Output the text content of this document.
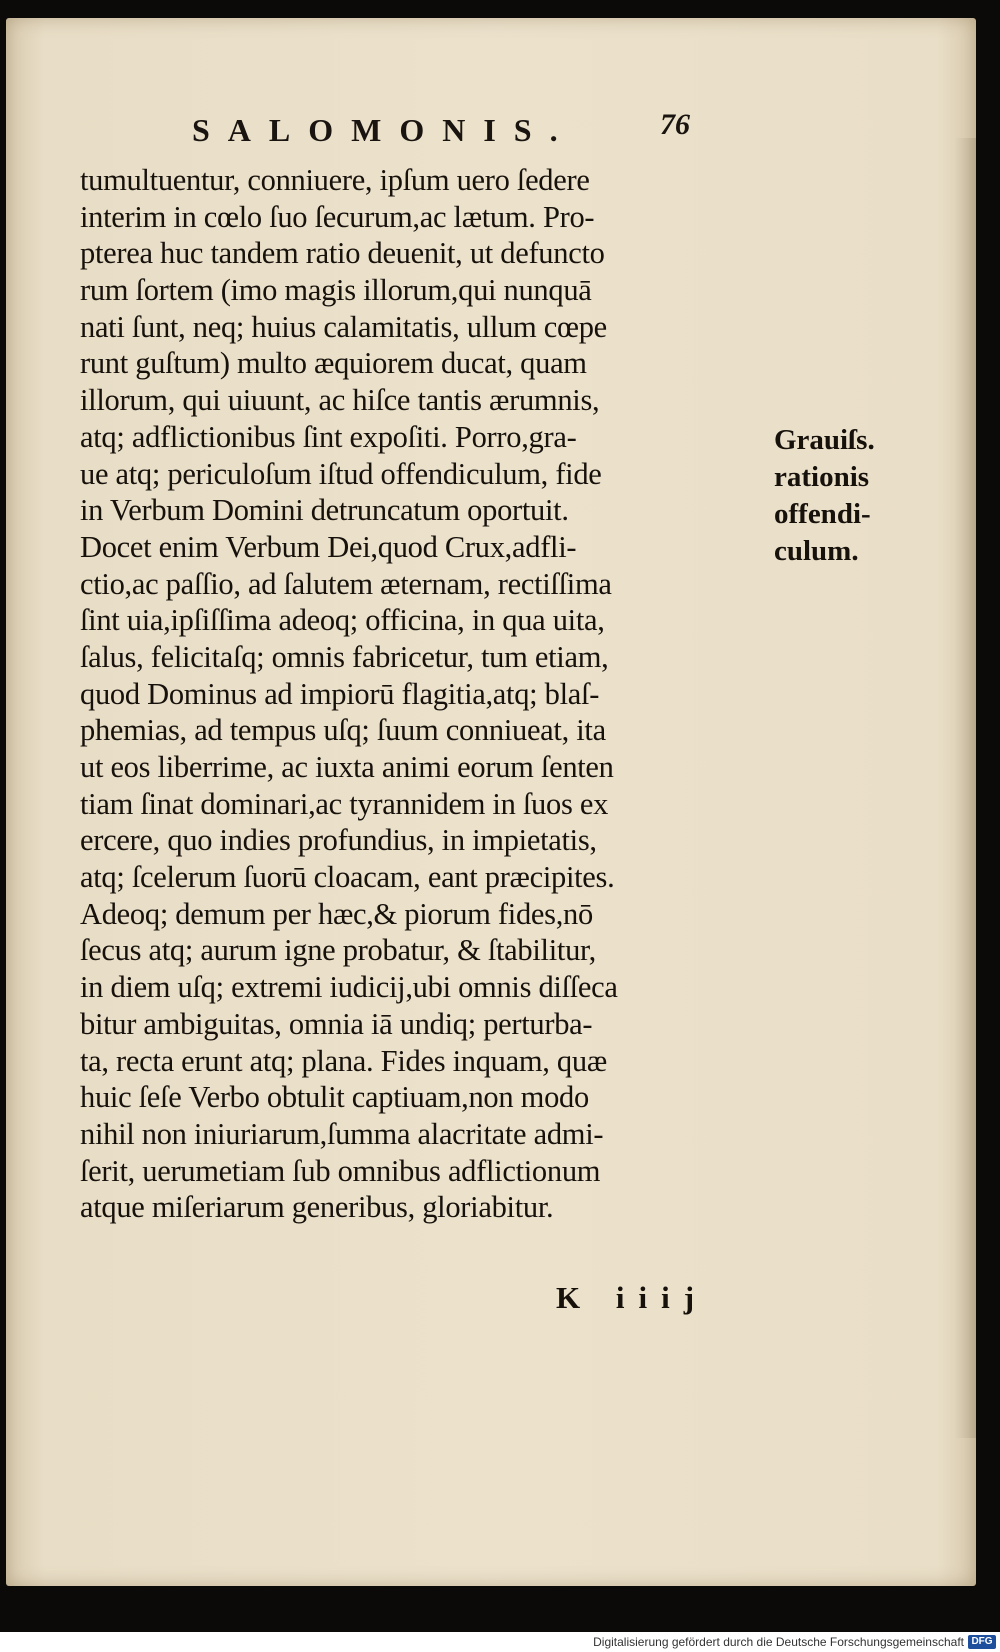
SALOMONIS.	76
tumultuentur, conniuere, ipſum uero ſedere
interim in cœlo ſuo ſecurum,ac lætum. Pro-
pterea huc tandem ratio deuenit, ut defuncto
rum ſortem (imo magis illorum,qui nunquā
nati ſunt, neq; huius calamitatis, ullum cœpe
runt guſtum) multo æquiorem ducat, quam
illorum, qui uiuunt, ac hiſce tantis ærumnis,
atq; adflictionibus ſint expoſiti. Porro,gra-
ue atq; periculoſum iſtud offendiculum, fide
in Verbum Domini detruncatum oportuit.
Docet enim Verbum Dei,quod Crux,adfli-
ctio,ac paſſio, ad ſalutem æternam, rectiſſima
ſint uia,ipſiſſima adeoq; officina, in qua uita,
ſalus, felicitaſq; omnis fabricetur, tum etiam,
quod Dominus ad impiorū flagitia,atq; blaſ-
phemias, ad tempus uſq; ſuum conniueat, ita
ut eos liberrime, ac iuxta animi eorum ſenten
tiam ſinat dominari,ac tyrannidem in ſuos ex
ercere, quo indies profundius, in impietatis,
atq; ſcelerum ſuorū cloacam, eant præcipites.
Adeoq; demum per hæc,& piorum fides,nō
ſecus atq; aurum igne probatur, & ſtabilitur,
in diem uſq; extremi iudicij,ubi omnis diſſeca
bitur ambiguitas, omnia iā undiq; perturba-
ta, recta erunt atq; plana. Fides inquam, quæ
huic ſeſe Verbo obtulit captiuam,non modo
nihil non iniuriarum,ſumma alacritate admi-
ſerit, uerumetiam ſub omnibus adflictionum
atque miſeriarum generibus, gloriabitur.
Grauiſs.
rationis
offendi-
culum.
K iiij
Digitalisierung gefördert durch die Deutsche Forschungsgemeinschaft DFG
